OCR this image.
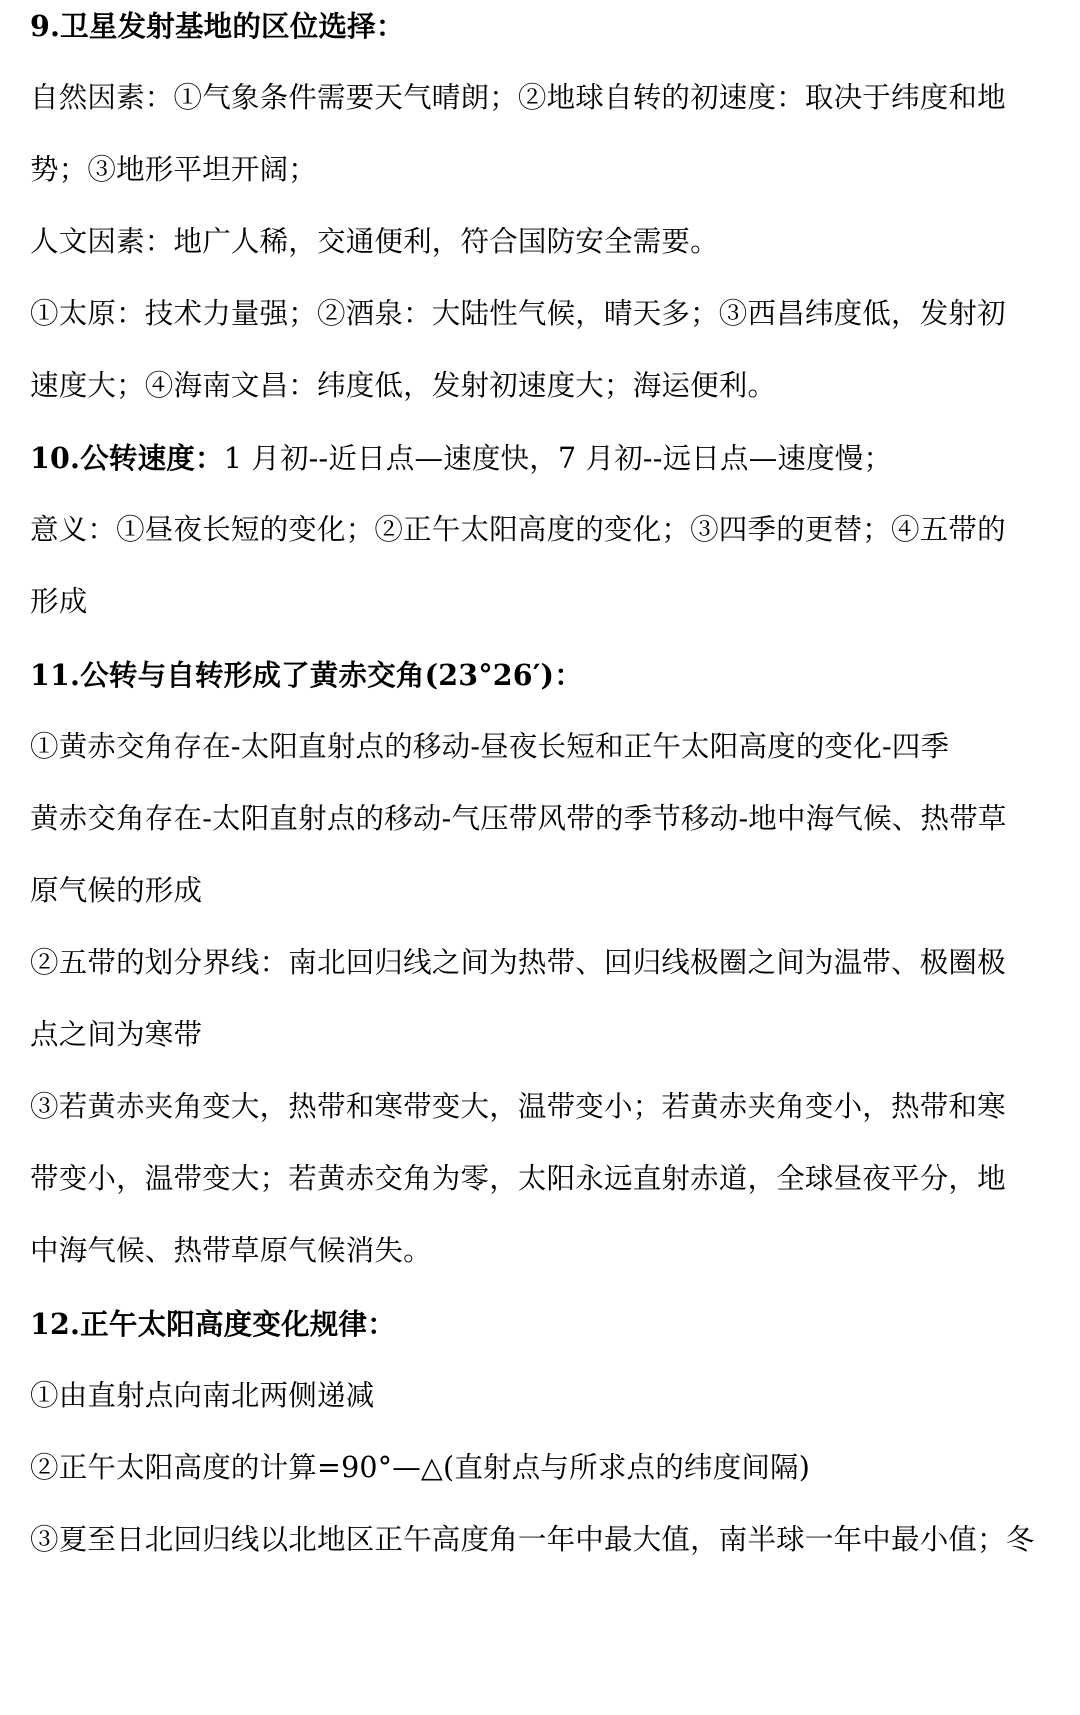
9.卫星发射基地的区位选择：
自然因素：①气象条件需要天气晴朗；②地球自转的初速度：取决于纬度和地
势；③地形平坦开阔；
人文因素：地广人稀，交通便利，符合国防安全需要。
①太原：技术力量强；②酒泉：大陆性气候，晴天多；③西昌纬度低，发射初
速度大；④海南文昌：纬度低，发射初速度大；海运便利。
10.公转速度：1 月初--近日点—速度快，7 月初--远日点—速度慢；
意义：①昼夜长短的变化；②正午太阳高度的变化；③四季的更替；④五带的
形成
11.公转与自转形成了黄赤交角(23°26′)：
①黄赤交角存在-太阳直射点的移动-昼夜长短和正午太阳高度的变化-四季
黄赤交角存在-太阳直射点的移动-气压带风带的季节移动-地中海气候、热带草
原气候的形成
②五带的划分界线：南北回归线之间为热带、回归线极圈之间为温带、极圈极
点之间为寒带
③若黄赤夹角变大，热带和寒带变大，温带变小；若黄赤夹角变小，热带和寒
带变小，温带变大；若黄赤交角为零，太阳永远直射赤道，全球昼夜平分，地
中海气候、热带草原气候消失。
12.正午太阳高度变化规律：
①由直射点向南北两侧递减
②正午太阳高度的计算=90°—△(直射点与所求点的纬度间隔)
③夏至日北回归线以北地区正午高度角一年中最大值，南半球一年中最小值；冬
